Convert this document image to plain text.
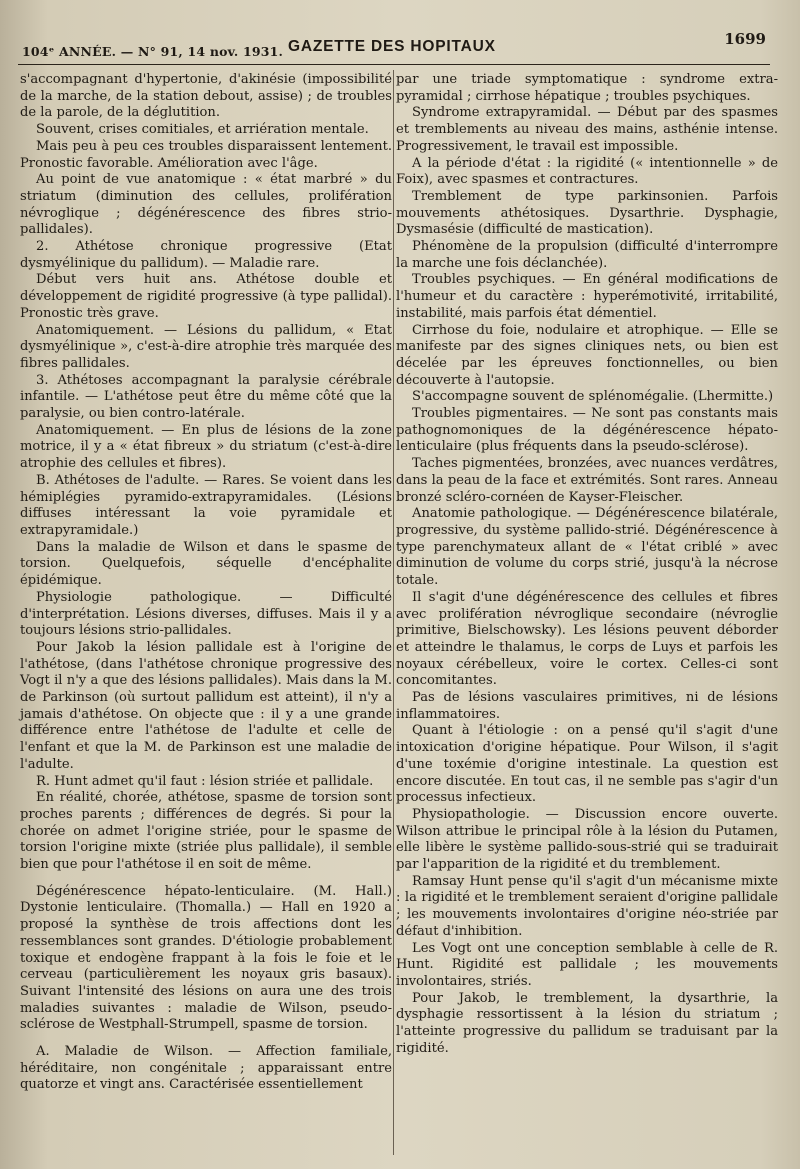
104ᵉ ANNÉE. — N° 91, 14 nov. 1931. GAZETTE DES HOPITAUX	1699

s'accompagnant d'hypertonie, d'akinésie (impossibilité de la marche, de la station debout, assise) ; de troubles de la parole, de la déglutition.

Souvent, crises comitiales, et arriération mentale.

Mais peu à peu ces troubles disparaissent lentement. Pronostic favorable. Amélioration avec l'âge.

Au point de vue anatomique : « état marbré » du striatum (diminution des cellules, prolifération névroglique ; dégénérescence des fibres strio-pallidales).

2. Athétose chronique progressive (Etat dysmyélinique du pallidum). — Maladie rare.

Début vers huit ans. Athétose double et développement de rigidité progressive (à type pallidal). Pronostic très grave.

Anatomiquement. — Lésions du pallidum, « Etat dysmyélinique », c'est-à-dire atrophie très marquée des fibres pallidales.

3. Athétoses accompagnant la paralysie cérébrale infantile. — L'athétose peut être du même côté que la paralysie, ou bien contro-latérale.

Anatomiquement. — En plus de lésions de la zone motrice, il y a « état fibreux » du striatum (c'est-à-dire atrophie des cellules et fibres).

B. Athétoses de l'adulte. — Rares. Se voient dans les hémiplégies pyramido-extrapyramidales. (Lésions diffuses intéressant la voie pyramidale et extrapyramidale.)

Dans la maladie de Wilson et dans le spasme de torsion. Quelquefois, séquelle d'encéphalite épidémique.

Physiologie pathologique. — Difficulté d'interprétation. Lésions diverses, diffuses. Mais il y a toujours lésions strio-pallidales.

Pour Jakob la lésion pallidale est à l'origine de l'athétose, (dans l'athétose chronique progressive des Vogt il n'y a que des lésions pallidales). Mais dans la M. de Parkinson (où surtout pallidum est atteint), il n'y a jamais d'athétose. On objecte que : il y a une grande différence entre l'athétose de l'adulte et celle de l'enfant et que la M. de Parkinson est une maladie de l'adulte.

R. Hunt admet qu'il faut : lésion striée et pallidale.

En réalité, chorée, athétose, spasme de torsion sont proches parents ; différences de degrés. Si pour la chorée on admet l'origine striée, pour le spasme de torsion l'origine mixte (striée plus pallidale), il semble bien que pour l'athétose il en soit de même.

Dégénérescence hépato-lenticulaire. (M. Hall.) Dystonie lenticulaire. (Thomalla.) — Hall en 1920 a proposé la synthèse de trois affections dont les ressemblances sont grandes. D'étiologie probablement toxique et endogène frappant à la fois le foie et le cerveau (particulièrement les noyaux gris basaux). Suivant l'intensité des lésions on aura une des trois maladies suivantes : maladie de Wilson, pseudo-sclérose de Westphall-Strumpell, spasme de torsion.

A. Maladie de Wilson. — Affection familiale, héréditaire, non congénitale ; apparaissant entre quatorze et vingt ans. Caractérisée essentiellement

par une triade symptomatique : syndrome extra-pyramidal ; cirrhose hépatique ; troubles psychiques.

Syndrome extrapyramidal. — Début par des spasmes et tremblements au niveau des mains, asthénie intense. Progressivement, le travail est impossible.

A la période d'état : la rigidité (« intentionnelle » de Foix), avec spasmes et contractures.

Tremblement de type parkinsonien. Parfois mouvements athétosiques. Dysarthrie. Dysphagie, Dysmasésie (difficulté de mastication).

Phénomène de la propulsion (difficulté d'interrompre la marche une fois déclanchée).

Troubles psychiques. — En général modifications de l'humeur et du caractère : hyperémotivité, irritabilité, instabilité, mais parfois état démentiel.

Cirrhose du foie, nodulaire et atrophique. — Elle se manifeste par des signes cliniques nets, ou bien est décelée par les épreuves fonctionnelles, ou bien découverte à l'autopsie.

S'accompagne souvent de splénomégalie. (Lhermitte.)

Troubles pigmentaires. — Ne sont pas constants mais pathognomoniques de la dégénérescence hépato-lenticulaire (plus fréquents dans la pseudo-sclérose).

Taches pigmentées, bronzées, avec nuances verdâtres, dans la peau de la face et extrémités. Sont rares. Anneau bronzé scléro-cornéen de Kayser-Fleischer.

Anatomie pathologique. — Dégénérescence bilatérale, progressive, du système pallido-strié. Dégénérescence à type parenchymateux allant de « l'état criblé » avec diminution de volume du corps strié, jusqu'à la nécrose totale.

Il s'agit d'une dégénérescence des cellules et fibres avec prolifération névroglique secondaire (névroglie primitive, Bielschowsky). Les lésions peuvent déborder et atteindre le thalamus, le corps de Luys et parfois les noyaux cérébelleux, voire le cortex. Celles-ci sont concomitantes.

Pas de lésions vasculaires primitives, ni de lésions inflammatoires.

Quant à l'étiologie : on a pensé qu'il s'agit d'une intoxication d'origine hépatique. Pour Wilson, il s'agit d'une toxémie d'origine intestinale. La question est encore discutée. En tout cas, il ne semble pas s'agir d'un processus infectieux.

Physiopathologie. — Discussion encore ouverte. Wilson attribue le principal rôle à la lésion du Putamen, elle libère le système pallido-sous-strié qui se traduirait par l'apparition de la rigidité et du tremblement.

Ramsay Hunt pense qu'il s'agit d'un mécanisme mixte : la rigidité et le tremblement seraient d'origine pallidale ; les mouvements involontaires d'origine néo-striée par défaut d'inhibition.

Les Vogt ont une conception semblable à celle de R. Hunt. Rigidité est pallidale ; les mouvements involontaires, striés.

Pour Jakob, le tremblement, la dysarthrie, la dysphagie ressortissent à la lésion du striatum ; l'atteinte progressive du pallidum se traduisant par la rigidité.
